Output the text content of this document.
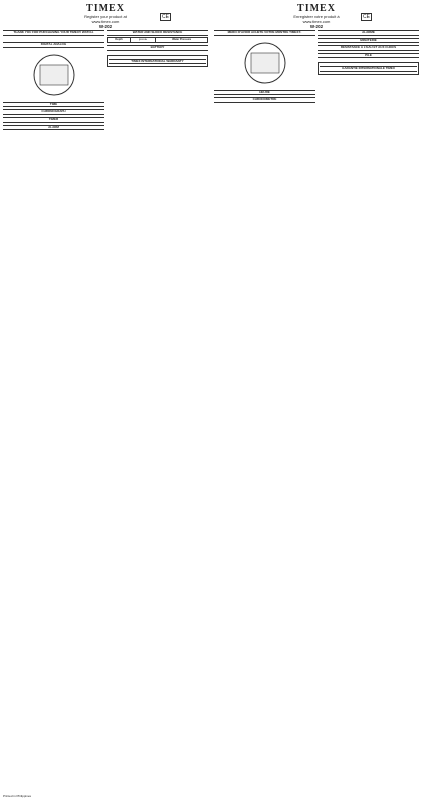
TIMEX
Register your product at
www.timex.com
W-202
CE
THANK YOU FOR PURCHASING YOUR TIMEX® WATCH.

DIGITAL ANALOG
TIME
CHRONOGRAPH
TIMER
ALARM
WATER AND SHOCK RESISTANCE
Depth	p.s.i.a.	Water Pressure
BATTERY
TIMEX INTERNATIONAL WARRANTY
Printed in Philippines
TIMEX
Enregistrer votre produit à
www.timex.com
W-202
CE
MERCI D'AVOIR ACHETÉ VOTRE MONTRE TIMEX®.
HEURE
CHRONOMÈTRE
ALARME
MINUTERIE
RÉSISTANCE À L'EAU ET AUX CHOCS
PILE
GARANTIE INTERNATIONALE TIMEX
